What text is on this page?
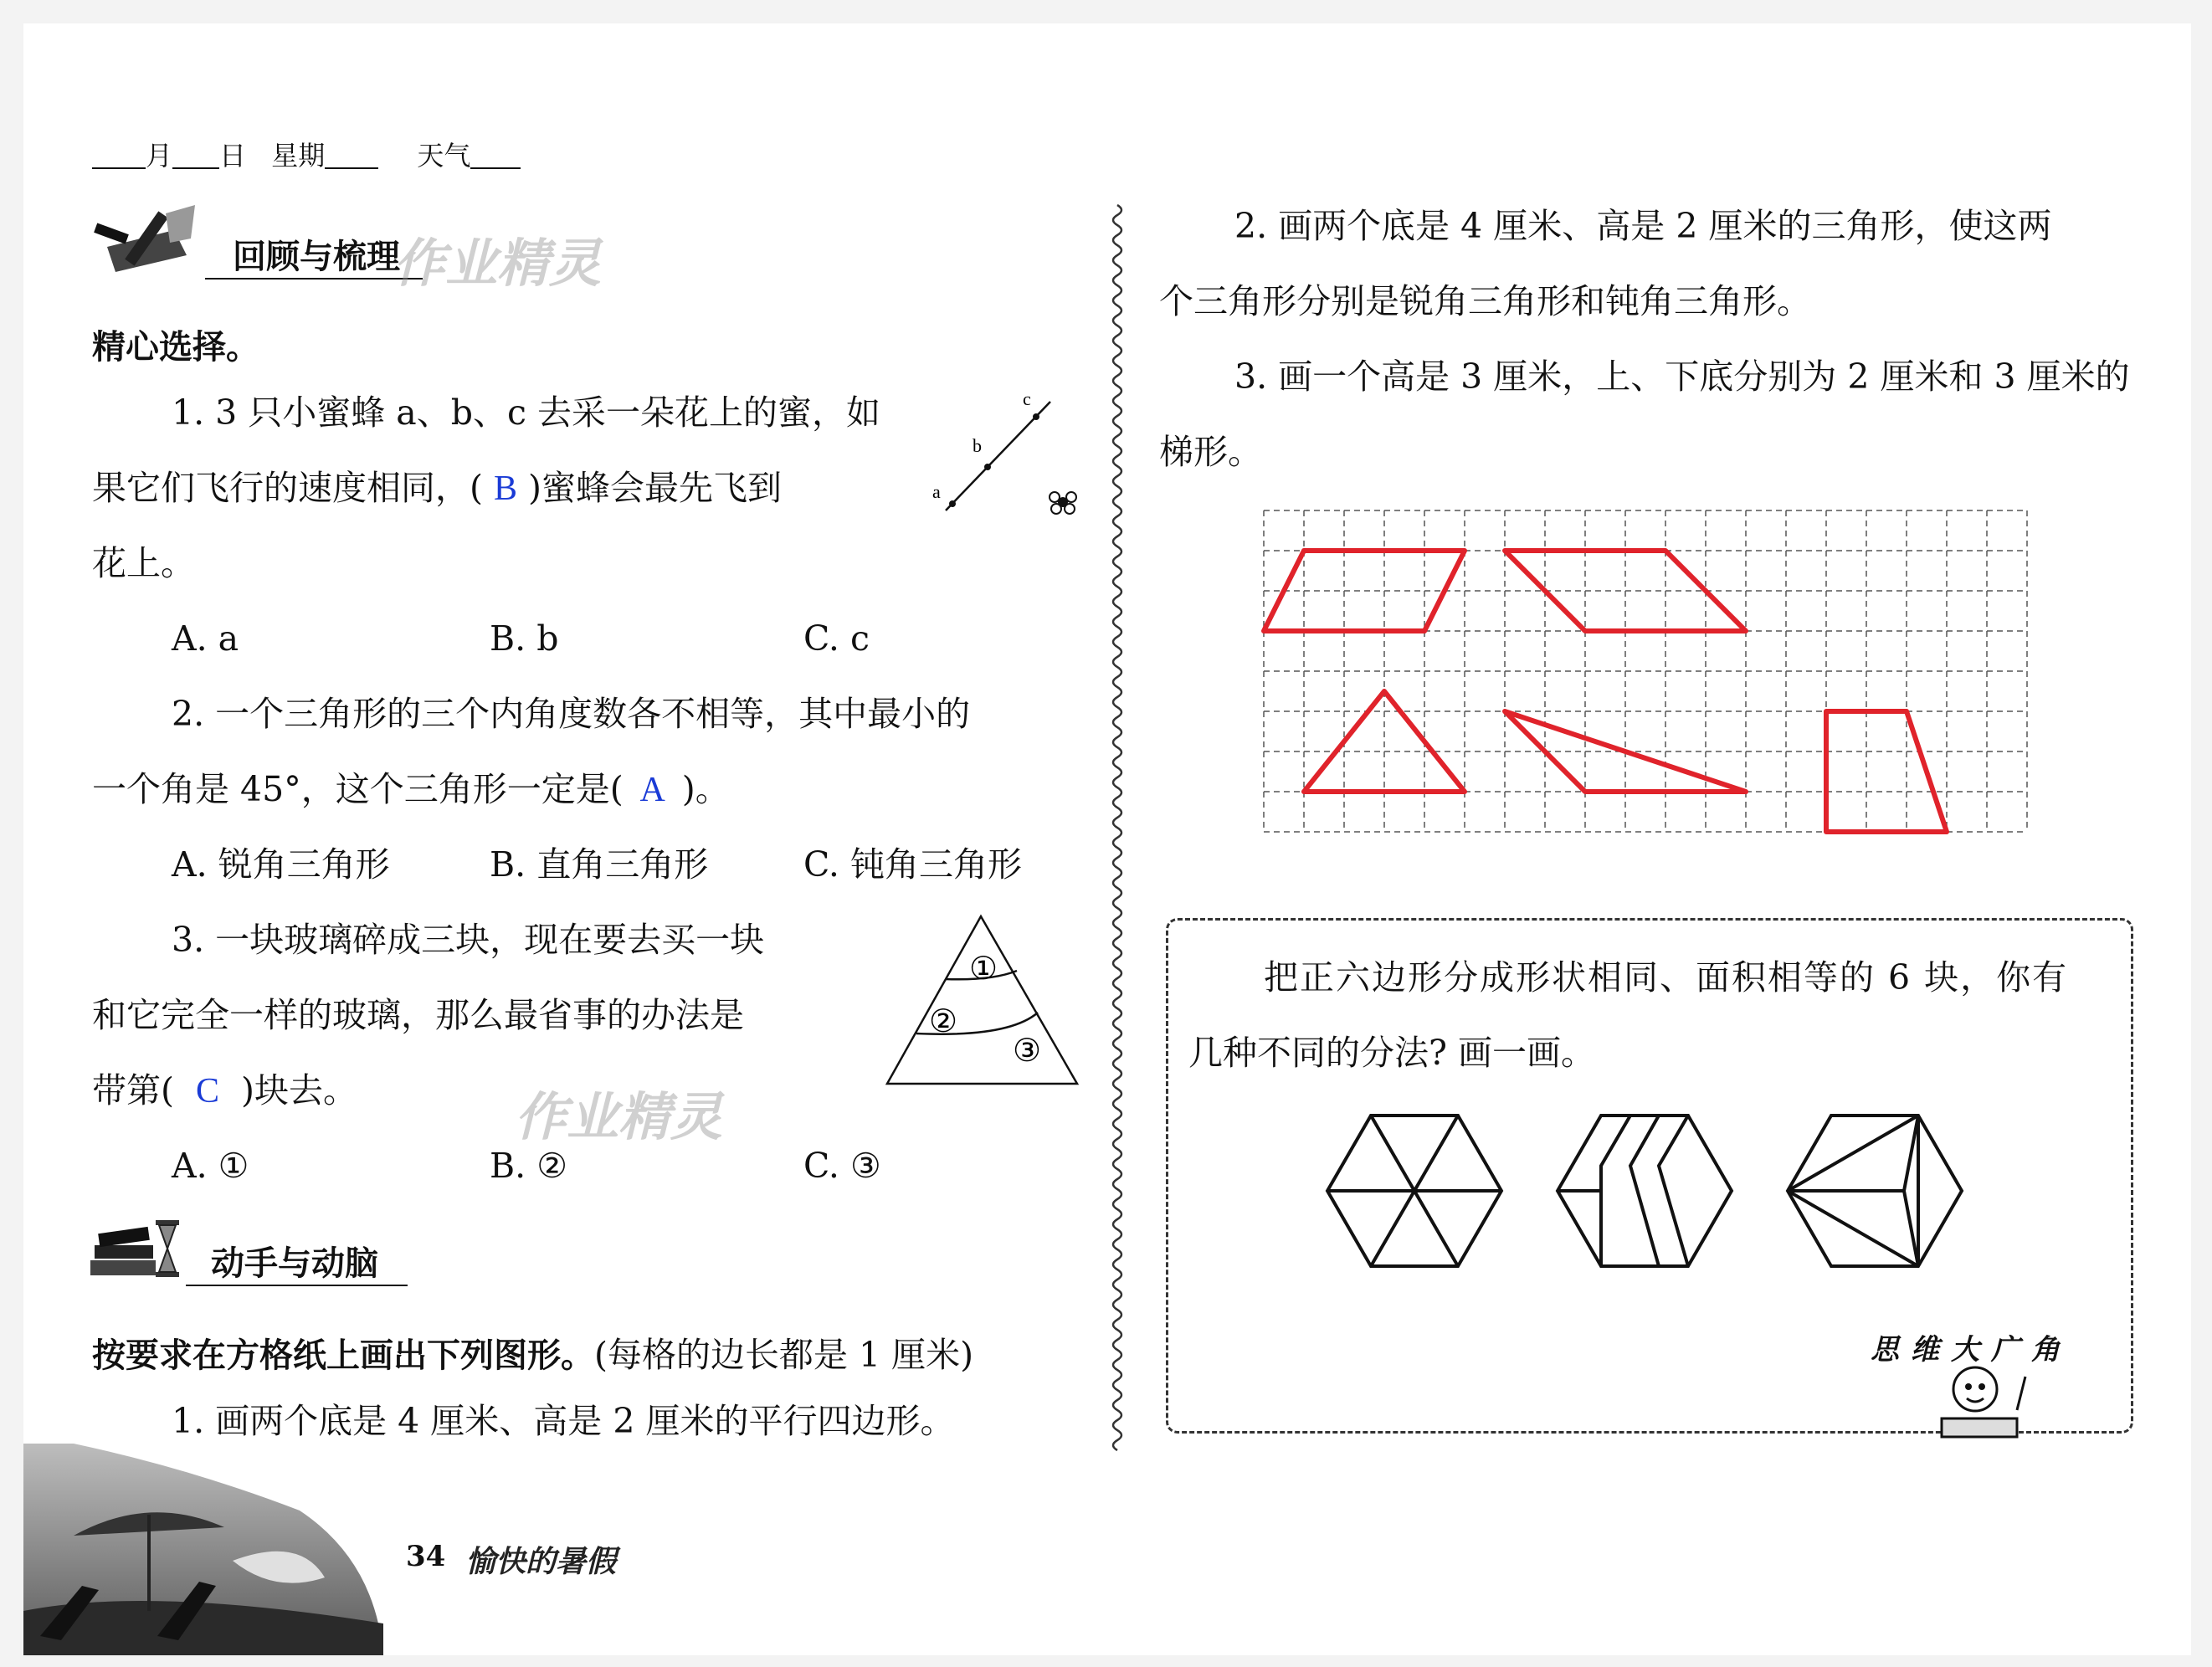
月 日 星期	天气
回顾与梳理
作业精灵
精心选择。
1. 3 只小蜜蜂 a、b、c 去采一朵花上的蜜，如
果它们飞行的速度相同，( B )蜜蜂会最先飞到
花上。
A. a	B. b	C. c
a
b
c
2. 一个三角形的三个内角度数各不相等，其中最小的
一个角是 45°，这个三角形一定是( A )。
A. 锐角三角形	B. 直角三角形	C. 钝角三角形
3. 一块玻璃碎成三块，现在要去买一块
和它完全一样的玻璃，那么最省事的办法是
带第( C )块去。	作业精灵
A. ①	B. ②	C. ③
①
②
③
动手与动脑
按要求在方格纸上画出下列图形。(每格的边长都是 1 厘米)
1. 画两个底是 4 厘米、高是 2 厘米的平行四边形。
34 愉快的暑假
2. 画两个底是 4 厘米、高是 2 厘米的三角形，使这两
个三角形分别是锐角三角形和钝角三角形。
3. 画一个高是 3 厘米，上、下底分别为 2 厘米和 3 厘米的
梯形。
把正六边形分成形状相同、面积相等的 6 块，你有
几种不同的分法? 画一画。
思维大广角
